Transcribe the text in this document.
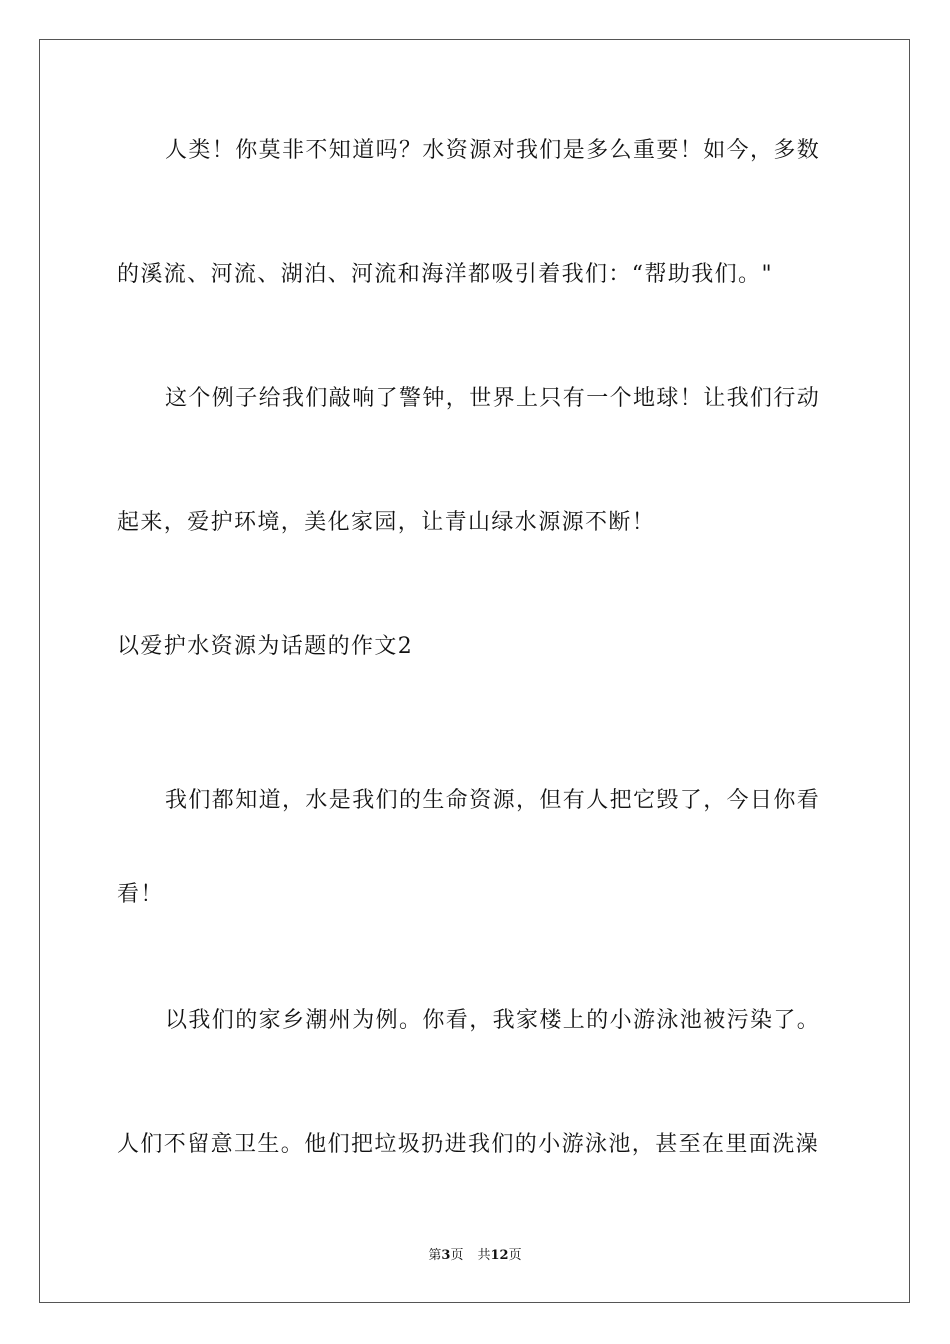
人类！你莫非不知道吗？水资源对我们是多么重要！如今，多数
的溪流、河流、湖泊、河流和海洋都吸引着我们：“帮助我们。"
这个例子给我们敲响了警钟，世界上只有一个地球！让我们行动
起来，爱护环境，美化家园，让青山绿水源源不断！
以爱护水资源为话题的作文2
我们都知道，水是我们的生命资源，但有人把它毁了，今日你看
看！
以我们的家乡潮州为例。你看，我家楼上的小游泳池被污染了。
人们不留意卫生。他们把垃圾扔进我们的小游泳池，甚至在里面洗澡
第3页 共12页
